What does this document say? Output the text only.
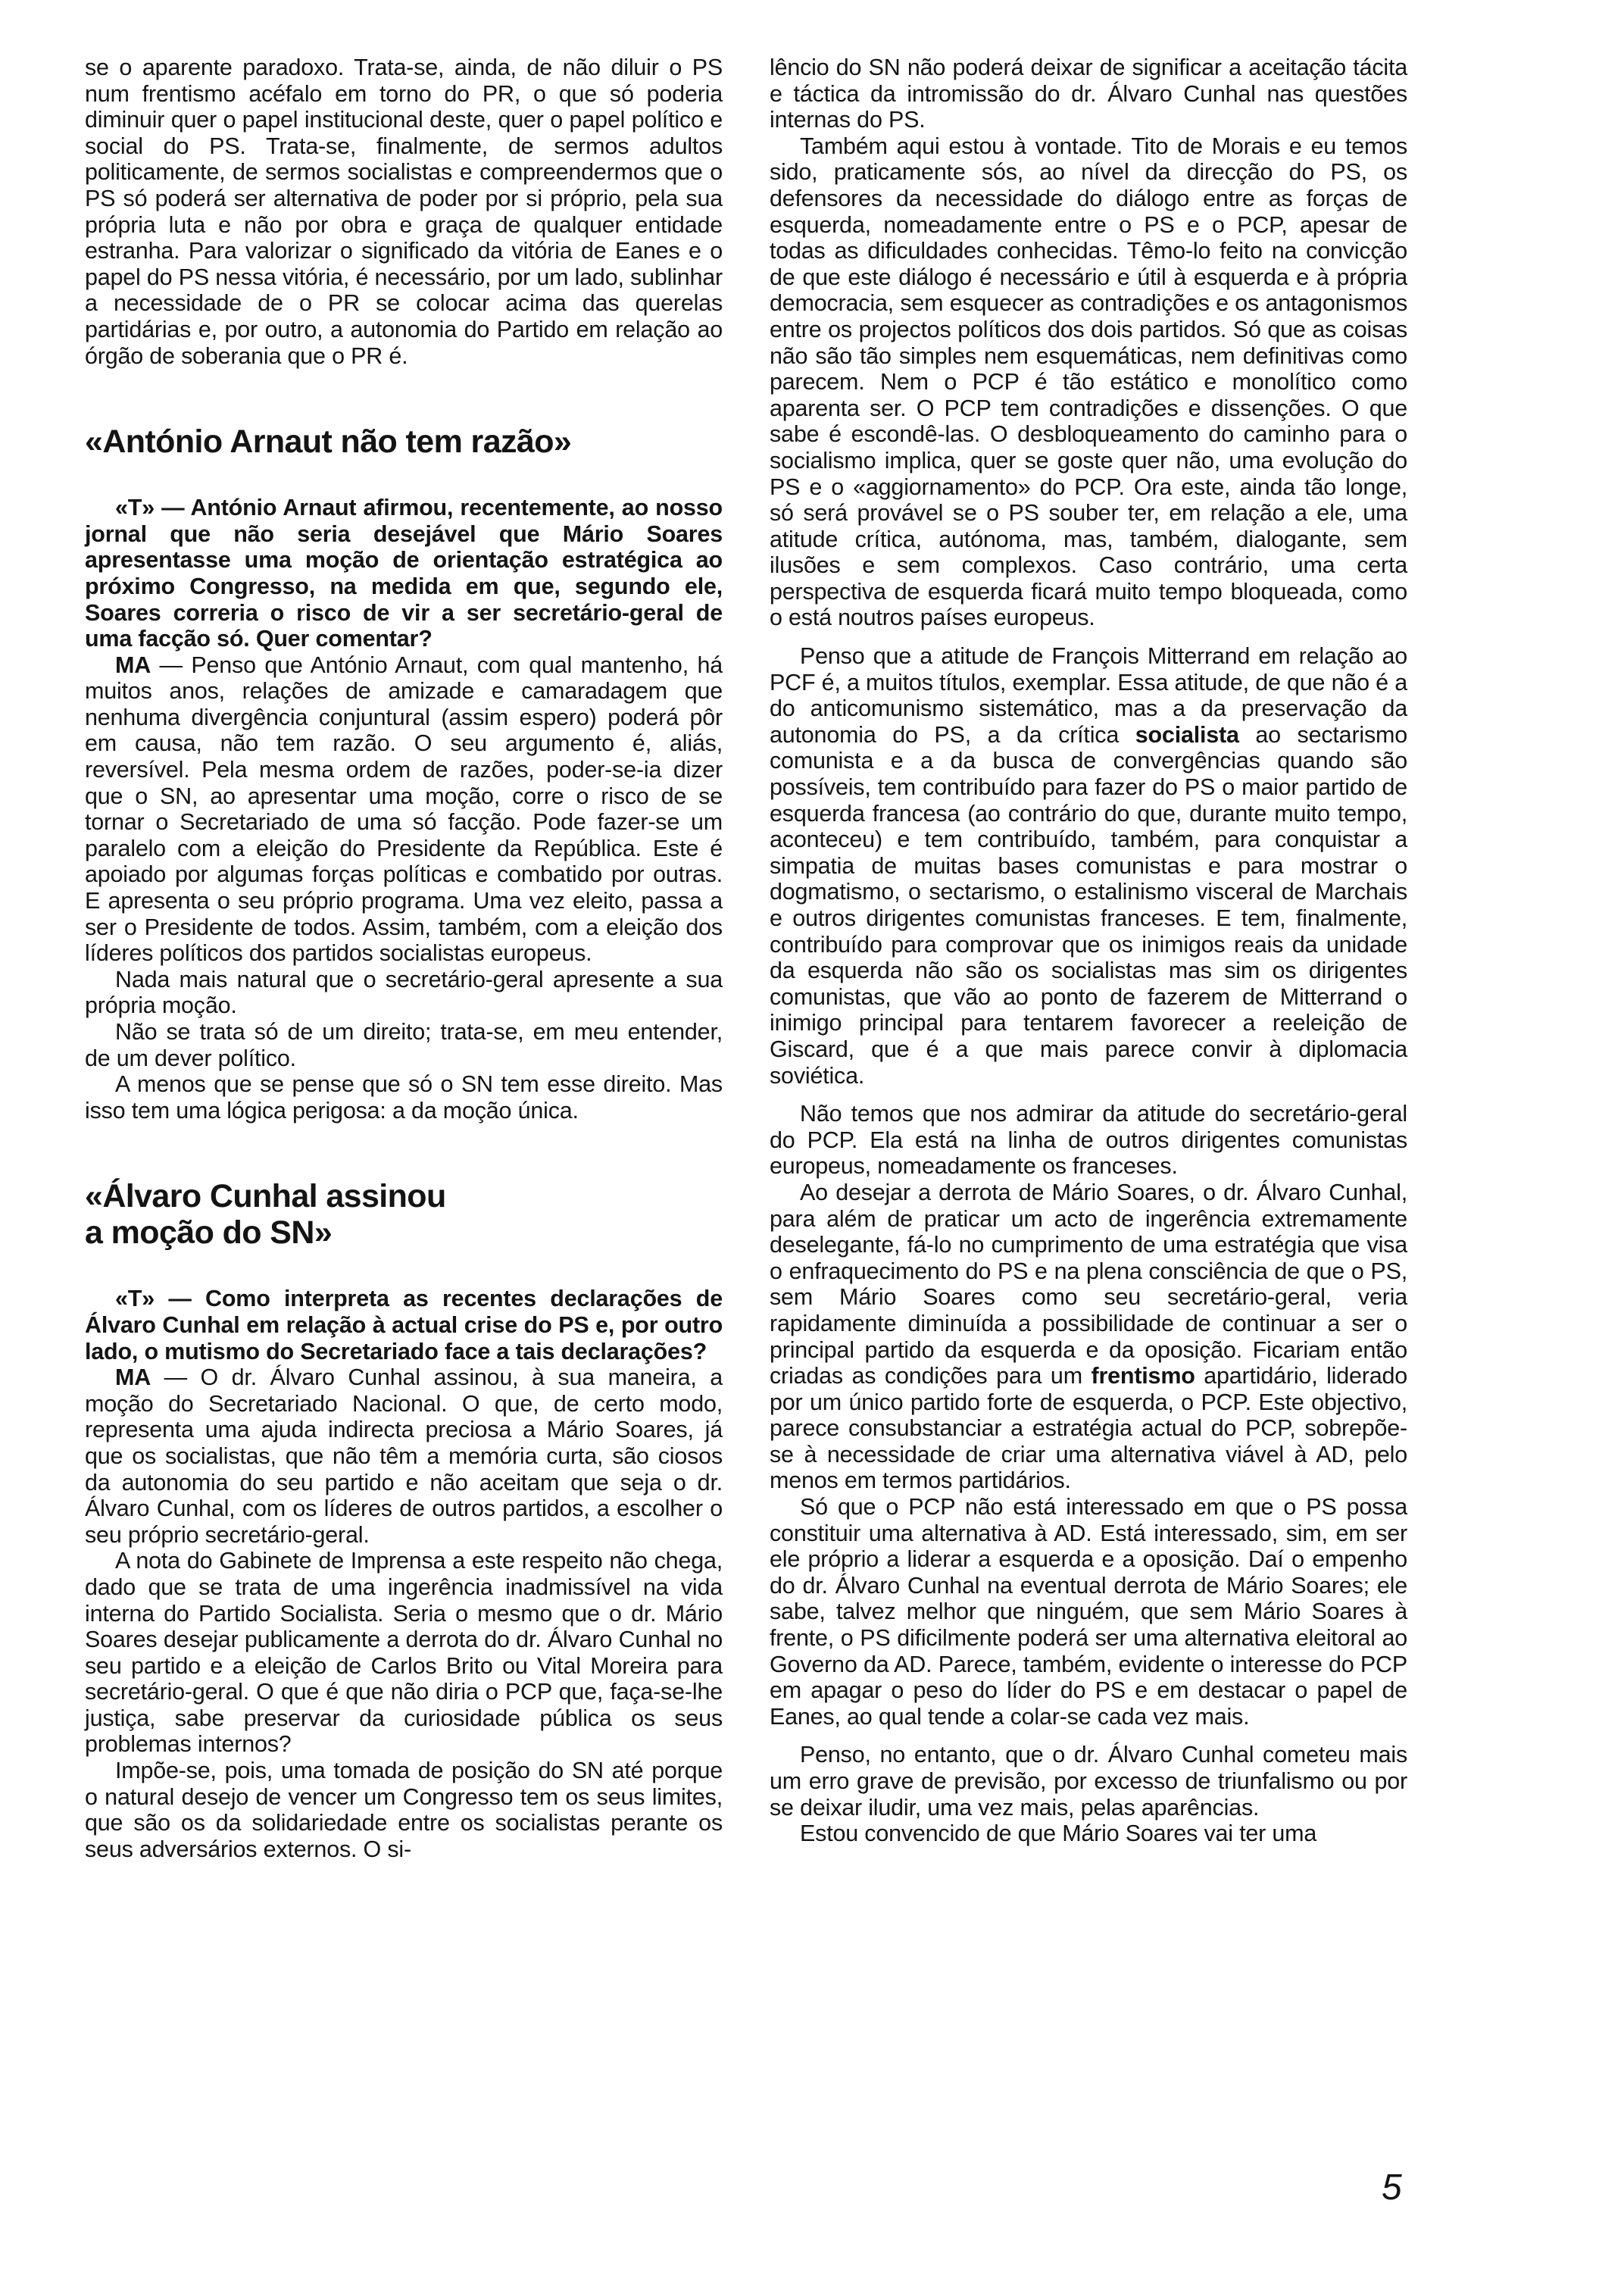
se o aparente paradoxo. Trata-se, ainda, de não diluir o PS num frentismo acéfalo em torno do PR, o que só poderia diminuir quer o papel institucional deste, quer o papel político e social do PS. Trata-se, finalmente, de sermos adultos politicamente, de sermos socialistas e compreendermos que o PS só poderá ser alternativa de poder por si próprio, pela sua própria luta e não por obra e graça de qualquer entidade estranha. Para valorizar o significado da vitória de Eanes e o papel do PS nessa vitória, é necessário, por um lado, sublinhar a necessidade de o PR se colocar acima das querelas partidárias e, por outro, a autonomia do Partido em relação ao órgão de soberania que o PR é.

«António Arnaut não tem razão»

«T» — António Arnaut afirmou, recentemente, ao nosso jornal que não seria desejável que Mário Soares apresentasse uma moção de orientação estratégica ao próximo Congresso, na medida em que, segundo ele, Soares correria o risco de vir a ser secretário-geral de uma facção só. Quer comentar?

MA — Penso que António Arnaut, com qual mantenho, há muitos anos, relações de amizade e camaradagem que nenhuma divergência conjuntural (assim espero) poderá pôr em causa, não tem razão. O seu argumento é, aliás, reversível. Pela mesma ordem de razões, poder-se-ia dizer que o SN, ao apresentar uma moção, corre o risco de se tornar o Secretariado de uma só facção. Pode fazer-se um paralelo com a eleição do Presidente da República. Este é apoiado por algumas forças políticas e combatido por outras. E apresenta o seu próprio programa. Uma vez eleito, passa a ser o Presidente de todos. Assim, também, com a eleição dos líderes políticos dos partidos socialistas europeus.

Nada mais natural que o secretário-geral apresente a sua própria moção.

Não se trata só de um direito; trata-se, em meu entender, de um dever político.

A menos que se pense que só o SN tem esse direito. Mas isso tem uma lógica perigosa: a da moção única.

«Álvaro Cunhal assinou
a moção do SN»

«T» — Como interpreta as recentes declarações de Álvaro Cunhal em relação à actual crise do PS e, por outro lado, o mutismo do Secretariado face a tais declarações?

MA — O dr. Álvaro Cunhal assinou, à sua maneira, a moção do Secretariado Nacional. O que, de certo modo, representa uma ajuda indirecta preciosa a Mário Soares, já que os socialistas, que não têm a memória curta, são ciosos da autonomia do seu partido e não aceitam que seja o dr. Álvaro Cunhal, com os líderes de outros partidos, a escolher o seu próprio secretário-geral.

A nota do Gabinete de Imprensa a este respeito não chega, dado que se trata de uma ingerência inadmissível na vida interna do Partido Socialista. Seria o mesmo que o dr. Mário Soares desejar publicamente a derrota do dr. Álvaro Cunhal no seu partido e a eleição de Carlos Brito ou Vital Moreira para secretário-geral. O que é que não diria o PCP que, faça-se-lhe justiça, sabe preservar da curiosidade pública os seus problemas internos?

Impõe-se, pois, uma tomada de posição do SN até porque o natural desejo de vencer um Congresso tem os seus limites, que são os da solidariedade entre os socialistas perante os seus adversários externos. O si-

lêncio do SN não poderá deixar de significar a aceitação tácita e táctica da intromissão do dr. Álvaro Cunhal nas questões internas do PS.

Também aqui estou à vontade. Tito de Morais e eu temos sido, praticamente sós, ao nível da direcção do PS, os defensores da necessidade do diálogo entre as forças de esquerda, nomeadamente entre o PS e o PCP, apesar de todas as dificuldades conhecidas. Têmo-lo feito na convicção de que este diálogo é necessário e útil à esquerda e à própria democracia, sem esquecer as contradições e os antagonismos entre os projectos políticos dos dois partidos. Só que as coisas não são tão simples nem esquemáticas, nem definitivas como parecem. Nem o PCP é tão estático e monolítico como aparenta ser. O PCP tem contradições e dissenções. O que sabe é escondê-las. O desbloqueamento do caminho para o socialismo implica, quer se goste quer não, uma evolução do PS e o «aggiornamento» do PCP. Ora este, ainda tão longe, só será provável se o PS souber ter, em relação a ele, uma atitude crítica, autónoma, mas, também, dialogante, sem ilusões e sem complexos. Caso contrário, uma certa perspectiva de esquerda ficará muito tempo bloqueada, como o está noutros países europeus.

Penso que a atitude de François Mitterrand em relação ao PCF é, a muitos títulos, exemplar. Essa atitude, de que não é a do anticomunismo sistemático, mas a da preservação da autonomia do PS, a da crítica socialista ao sectarismo comunista e a da busca de convergências quando são possíveis, tem contribuído para fazer do PS o maior partido de esquerda francesa (ao contrário do que, durante muito tempo, aconteceu) e tem contribuído, também, para conquistar a simpatia de muitas bases comunistas e para mostrar o dogmatismo, o sectarismo, o estalinismo visceral de Marchais e outros dirigentes comunistas franceses. E tem, finalmente, contribuído para comprovar que os inimigos reais da unidade da esquerda não são os socialistas mas sim os dirigentes comunistas, que vão ao ponto de fazerem de Mitterrand o inimigo principal para tentarem favorecer a reeleição de Giscard, que é a que mais parece convir à diplomacia soviética.

Não temos que nos admirar da atitude do secretário-geral do PCP. Ela está na linha de outros dirigentes comunistas europeus, nomeadamente os franceses.

Ao desejar a derrota de Mário Soares, o dr. Álvaro Cunhal, para além de praticar um acto de ingerência extremamente deselegante, fá-lo no cumprimento de uma estratégia que visa o enfraquecimento do PS e na plena consciência de que o PS, sem Mário Soares como seu secretário-geral, veria rapidamente diminuída a possibilidade de continuar a ser o principal partido da esquerda e da oposição. Ficariam então criadas as condições para um frentismo apartidário, liderado por um único partido forte de esquerda, o PCP. Este objectivo, parece consubstanciar a estratégia actual do PCP, sobrepõe-se à necessidade de criar uma alternativa viável à AD, pelo menos em termos partidários.

Só que o PCP não está interessado em que o PS possa constituir uma alternativa à AD. Está interessado, sim, em ser ele próprio a liderar a esquerda e a oposição. Daí o empenho do dr. Álvaro Cunhal na eventual derrota de Mário Soares; ele sabe, talvez melhor que ninguém, que sem Mário Soares à frente, o PS dificilmente poderá ser uma alternativa eleitoral ao Governo da AD. Parece, também, evidente o interesse do PCP em apagar o peso do líder do PS e em destacar o papel de Eanes, ao qual tende a colar-se cada vez mais.

Penso, no entanto, que o dr. Álvaro Cunhal cometeu mais um erro grave de previsão, por excesso de triunfalismo ou por se deixar iludir, uma vez mais, pelas aparências.

Estou convencido de que Mário Soares vai ter uma

5
